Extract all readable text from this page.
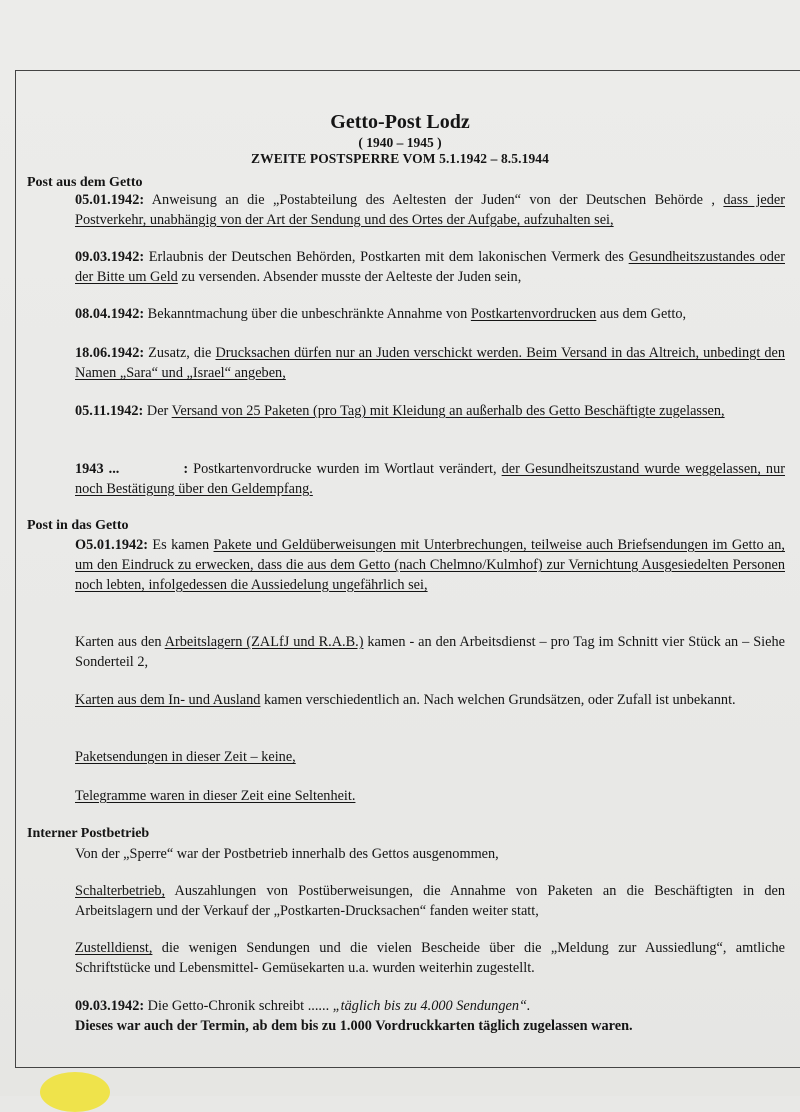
Getto-Post Lodz
( 1940 – 1945 )
ZWEITE POSTSPERRE VOM 5.1.1942 – 8.5.1944
Post aus dem Getto
05.01.1942: Anweisung an die „Postabteilung des Aeltesten der Juden“ von der Deutschen Behörde , dass jeder Postverkehr, unabhängig von der Art der Sendung und des Ortes der Aufgabe, aufzuhalten sei,
09.03.1942: Erlaubnis der Deutschen Behörden, Postkarten mit dem lakonischen Vermerk des Gesundheitszustandes oder der Bitte um Geld zu versenden. Absender musste der Aelteste der Juden sein,
08.04.1942: Bekanntmachung über die unbeschränkte Annahme von Postkartenvordrucken aus dem Getto,
18.06.1942: Zusatz, die Drucksachen dürfen nur an Juden verschickt werden. Beim Versand in das Altreich, unbedingt den Namen „Sara“ und „Israel“ angeben,
05.11.1942: Der Versand von 25 Paketen (pro Tag) mit Kleidung an außerhalb des Getto Beschäftigte zugelassen,
1943 ...	: Postkartenvordrucke wurden im Wortlaut verändert, der Gesundheitszustand wurde weggelassen, nur noch Bestätigung über den Geldempfang.
Post in das Getto
O5.01.1942: Es kamen Pakete und Geldüberweisungen mit Unterbrechungen, teilweise auch Briefsendungen im Getto an, um den Eindruck zu erwecken, dass die aus dem Getto (nach Chelmno/Kulmhof) zur Vernichtung Ausgesiedelten Personen noch lebten, infolgedessen die Aussiedelung ungefährlich sei,
Karten aus den Arbeitslagern (ZALfJ und R.A.B.) kamen - an den Arbeitsdienst – pro Tag im Schnitt vier Stück an – Siehe Sonderteil 2,
Karten aus dem In- und Ausland kamen verschiedentlich an. Nach welchen Grundsätzen, oder Zufall ist unbekannt.
Paketsendungen in dieser Zeit – keine,
Telegramme waren in dieser Zeit eine Seltenheit.
Interner Postbetrieb
Von der „Sperre“ war der Postbetrieb innerhalb des Gettos ausgenommen,
Schalterbetrieb, Auszahlungen von Postüberweisungen, die Annahme von Paketen an die Beschäftigten in den Arbeitslagern und der Verkauf der „Postkarten-Drucksachen“ fanden weiter statt,
Zustelldienst, die wenigen Sendungen und die vielen Bescheide über die „Meldung zur Aussiedlung“, amtliche Schriftstücke und Lebensmittel- Gemüsekarten u.a. wurden weiterhin zugestellt.
09.03.1942: Die Getto-Chronik schreibt ...... „täglich bis zu 4.000 Sendungen“.
Dieses war auch der Termin, ab dem bis zu 1.000 Vordruckkarten täglich zugelassen waren.
